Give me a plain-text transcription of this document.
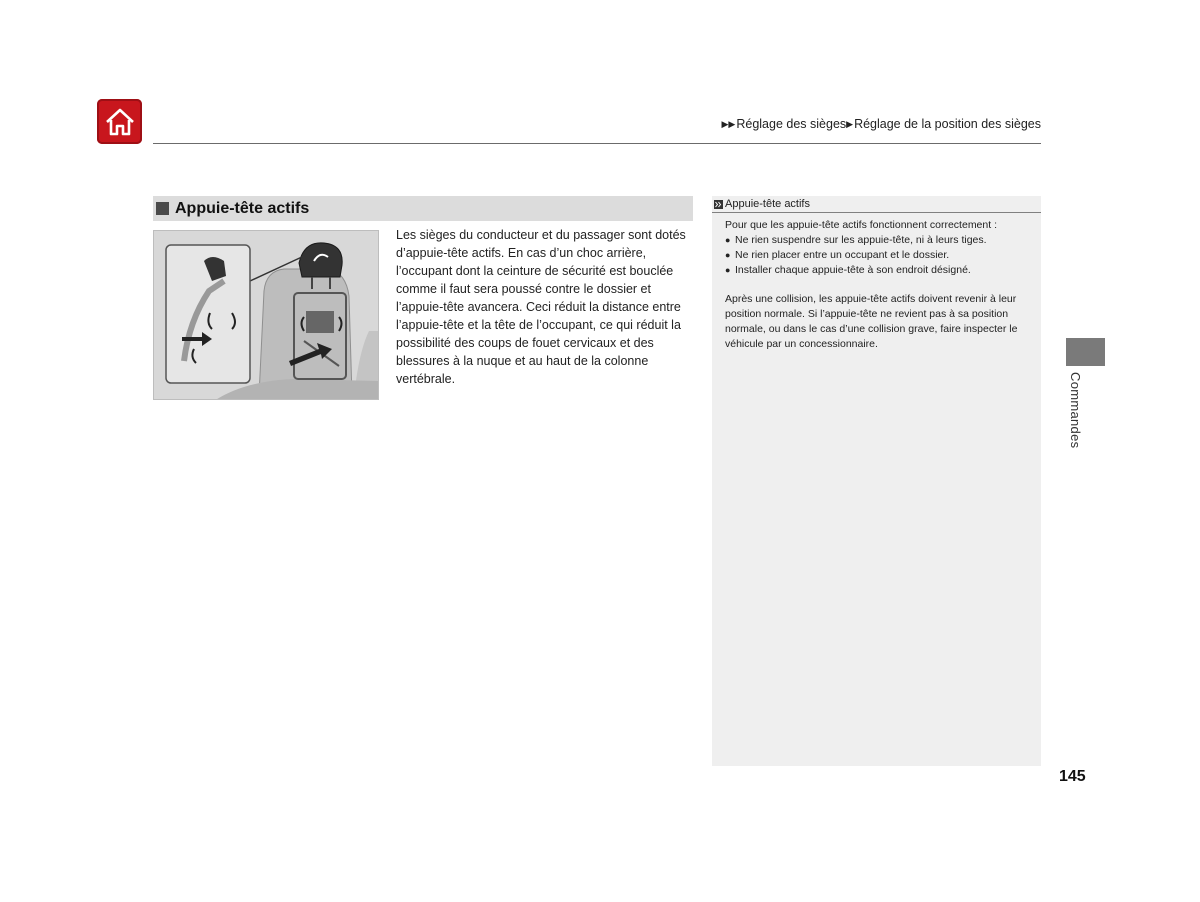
▶▶ Réglage des sièges ▶ Réglage de la position des sièges
Appuie-tête actifs

Les sièges du conducteur et du passager sont dotés d’appuie-tête actifs. En cas d’un choc arrière, l’occupant dont la ceinture de sécurité est bouclée comme il faut sera poussé contre le dossier et l’appuie-tête avancera. Ceci réduit la distance entre l’appuie-tête et la tête de l’occupant, ce qui réduit la possibilité des coups de fouet cervicaux et des blessures à la nuque et au haut de la colonne vertébrale.

Appuie-tête actifs

Pour que les appuie-tête actifs fonctionnent correctement :

● Ne rien suspendre sur les appuie-tête, ni à leurs tiges.
● Ne rien placer entre un occupant et le dossier.
● Installer chaque appuie-tête à son endroit désigné.

Après une collision, les appuie-tête actifs doivent revenir à leur position normale. Si l’appuie-tête ne revient pas à sa position normale, ou dans le cas d’une collision grave, faire inspecter le véhicule par un concessionnaire.

Commandes
145
